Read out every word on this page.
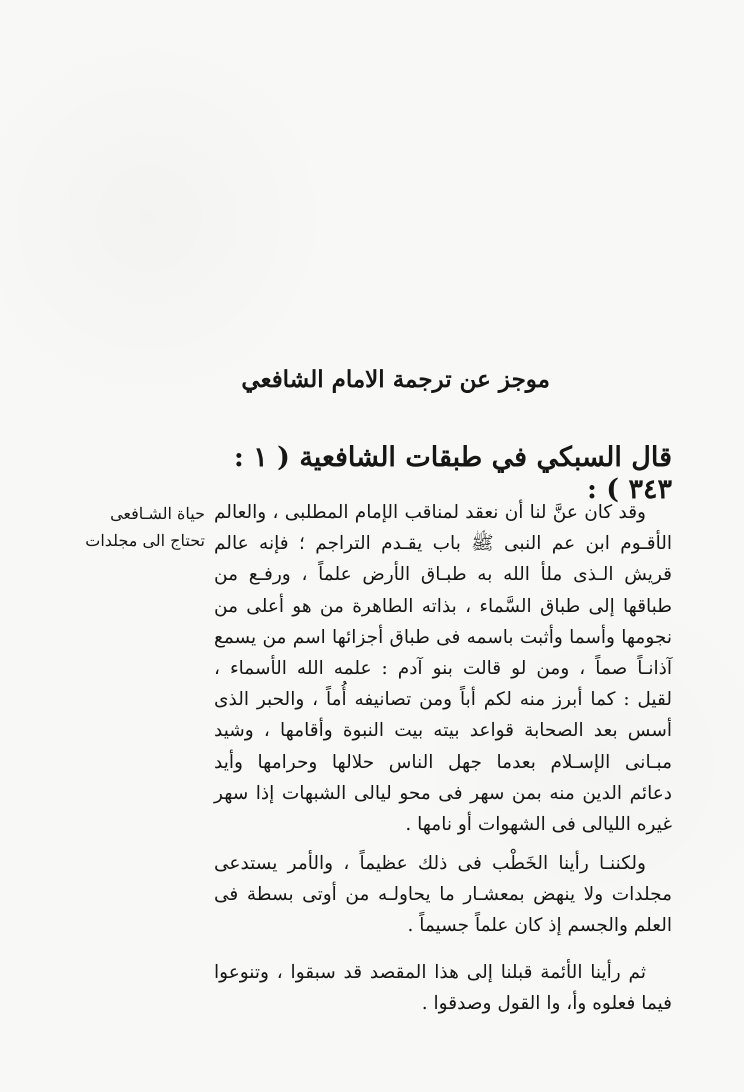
موجز عن ترجمة الامام الشافعي
قال السبكي في طبقات الشافعية ( ١ : ٣٤٣ ) :
حياة الشـافعى
تحتاج الى مجلدات
وقد كان عنَّ لنا أن نعقد لمناقب الإمام المطلبى ، والعالم
الأقـوم ابن عم النبى ﷺ باب يقـدم التراجم ؛ فإنه عالم
قريش الـذى ملأ الله به طبـاق الأرض علماً ، ورفـع من
طباقها إلى طباق السَّماء ، بذاته الطاهرة من هو أعلى من
نجومها وأسما وأثبت باسمه فى طباق أجزائها اسم من يسمع
آذانـاً صماً ، ومن لو قالت بنو آدم : علمه الله الأسماء ،
لقيل : كما أبرز منه لكم أباً ومن تصانيفه أُماً ، والحبر الذى
أسس بعد الصحابة قواعد بيته بيت النبوة وأقامها ، وشيد
مبـانى الإسـلام بعدما جهل الناس حلالها وحرامها وأيد
دعائم الدين منه بمن سهر فى محو ليالى الشبهات إذا سهر
غيره الليالى فى الشهوات أو نامها .
ولكننـا رأينا الخَطْب فى ذلك عظيماً ، والأمر يستدعى
مجلدات ولا ينهض بمعشـار ما يحاولـه من أوتى بسطة فى
العلم والجسم إذ كان علماً جسيماً .
ثم رأينا الأئمة قبلنا إلى هذا المقصد قد سبقوا ، وتنوعوا
فيما فعلوه وأ، وا القول وصدقوا .
